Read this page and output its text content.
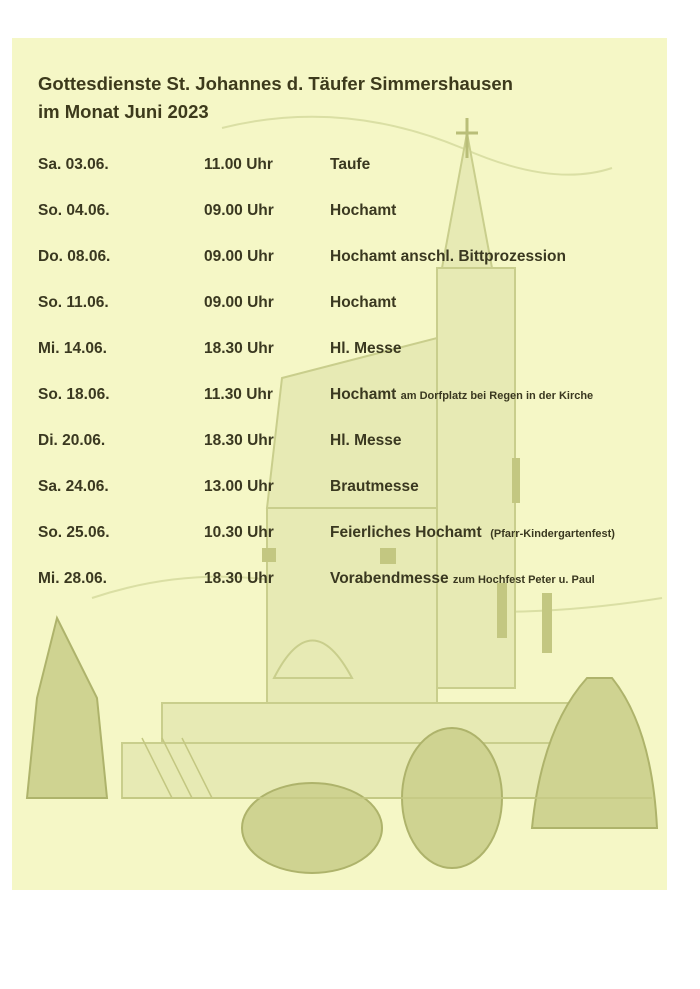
Gottesdienste St. Johannes d. Täufer Simmershausen
im Monat Juni 2023
Sa. 03.06.	11.00 Uhr	Taufe
So. 04.06.	09.00 Uhr	Hochamt
Do. 08.06.	09.00 Uhr	Hochamt anschl. Bittprozession
So. 11.06.	09.00 Uhr	Hochamt
Mi. 14.06.	18.30 Uhr	Hl. Messe
So. 18.06.	11.30 Uhr	Hochamt am Dorfplatz bei Regen in der Kirche
Di. 20.06.	18.30 Uhr	Hl. Messe
Sa. 24.06.	13.00 Uhr	Brautmesse
So. 25.06.	10.30 Uhr	Feierliches Hochamt (Pfarr-Kindergartenfest)
Mi. 28.06.	18.30 Uhr	Vorabendmesse zum Hochfest Peter u. Paul
